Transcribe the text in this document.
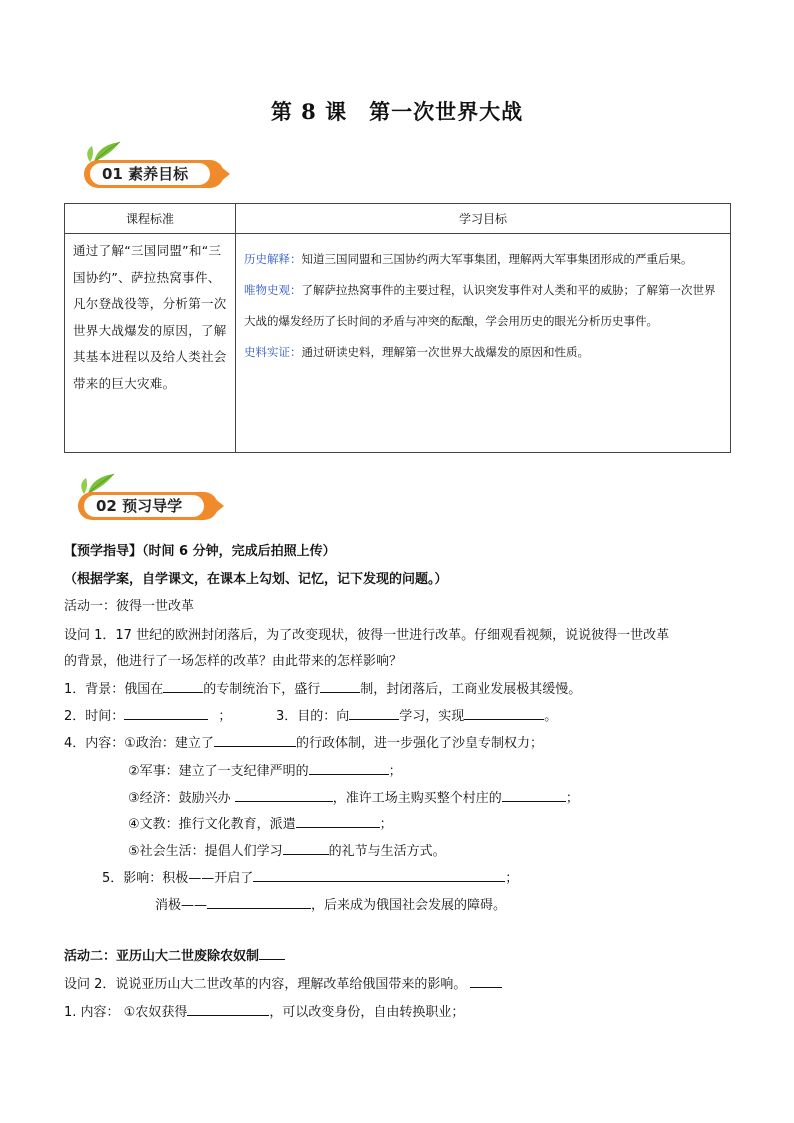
第 8 课　第一次世界大战
01 素养目标
课程标准	学习目标
通过了解“三国同盟”和“三国协约”、萨拉热窝事件、凡尔登战役等，分析第一次世界大战爆发的原因，了解其基本进程以及给人类社会带来的巨大灾难。	历史解释：知道三国同盟和三国协约两大军事集团，理解两大军事集团形成的严重后果。
唯物史观：了解萨拉热窝事件的主要过程，认识突发事件对人类和平的威胁；了解第一次世界大战的爆发经历了长时间的矛盾与冲突的酝酿，学会用历史的眼光分析历史事件。
史料实证：通过研读史料，理解第一次世界大战爆发的原因和性质。
02 预习导学
【预学指导】（时间 6 分钟，完成后拍照上传）
（根据学案，自学课文，在课本上勾划、记忆，记下发现的问题。）
活动一：彼得一世改革
设问 1．17 世纪的欧洲封闭落后，为了改变现状，彼得一世进行改革。仔细观看视频，说说彼得一世改革
的背景，他进行了一场怎样的改革？由此带来的怎样影响？
1．背景：俄国在	的专制统治下，盛行	制，封闭落后，工商业发展极其缓慢。
2．时间：	；	3．目的：向	学习，实现	。
4．内容：①政治：建立了	的行政体制，进一步强化了沙皇专制权力；
②军事：建立了一支纪律严明的	；
③经济：鼓励兴办	，准许工场主购买整个村庄的	；
④文教：推行文化教育，派遣	；
⑤社会生活：提倡人们学习	的礼节与生活方式。
5．影响：积极——开启了	；
消极——	，后来成为俄国社会发展的障碍。
活动二：亚历山大二世废除农奴制
设问 2．说说亚历山大二世改革的内容，理解改革给俄国带来的影响。
1. 内容： ①农奴获得	，可以改变身份，自由转换职业；
